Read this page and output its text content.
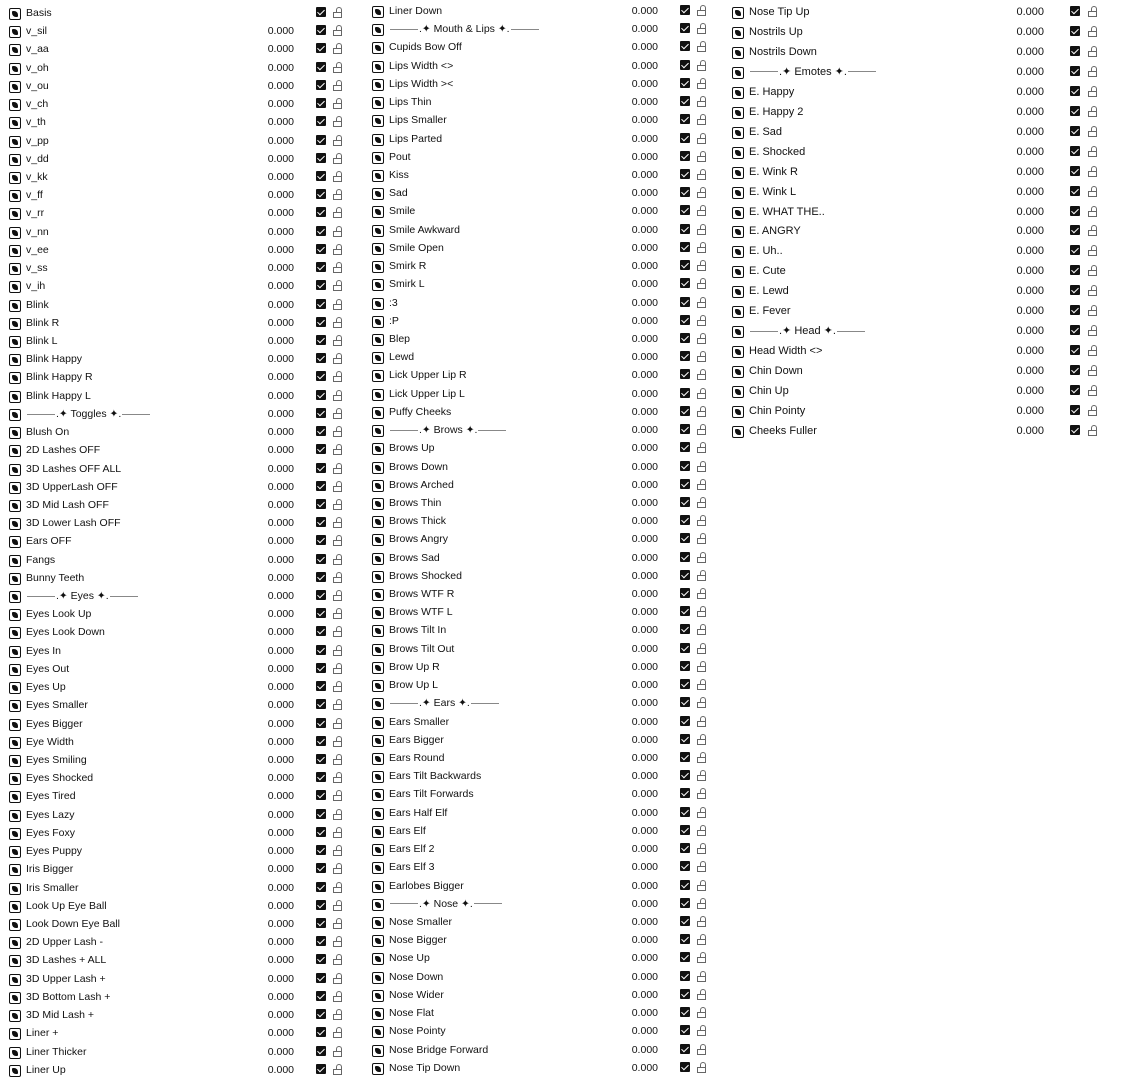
Basis
v_sil	0.000
v_aa	0.000
v_oh	0.000
v_ou	0.000
v_ch	0.000
v_th	0.000
v_pp	0.000
v_dd	0.000
v_kk	0.000
v_ff	0.000
v_rr	0.000
v_nn	0.000
v_ee	0.000
v_ss	0.000
v_ih	0.000
Blink	0.000
Blink R	0.000
Blink L	0.000
Blink Happy	0.000
Blink Happy R	0.000
Blink Happy L	0.000
.✦ Toggles ✦.	0.000
Blush On	0.000
2D Lashes OFF	0.000
3D Lashes OFF ALL	0.000
3D UpperLash OFF	0.000
3D Mid Lash OFF	0.000
3D Lower Lash OFF	0.000
Ears OFF	0.000
Fangs	0.000
Bunny Teeth	0.000
.✦ Eyes ✦.	0.000
Eyes Look Up	0.000
Eyes Look Down	0.000
Eyes In	0.000
Eyes Out	0.000
Eyes Up	0.000
Eyes Smaller	0.000
Eyes Bigger	0.000
Eye Width	0.000
Eyes Smiling	0.000
Eyes Shocked	0.000
Eyes Tired	0.000
Eyes Lazy	0.000
Eyes Foxy	0.000
Eyes Puppy	0.000
Iris Bigger	0.000
Iris Smaller	0.000
Look Up Eye Ball	0.000
Look Down Eye Ball	0.000
2D Upper Lash -	0.000
3D Lashes + ALL	0.000
3D Upper Lash +	0.000
3D Bottom Lash +	0.000
3D Mid Lash +	0.000
Liner +	0.000
Liner Thicker	0.000
Liner Up	0.000
Liner Down	0.000
.✦ Mouth & Lips ✦.	0.000
Cupids Bow Off	0.000
Lips Width <>	0.000
Lips Width ><	0.000
Lips Thin	0.000
Lips Smaller	0.000
Lips Parted	0.000
Pout	0.000
Kiss	0.000
Sad	0.000
Smile	0.000
Smile Awkward	0.000
Smile Open	0.000
Smirk R	0.000
Smirk L	0.000
:3	0.000
:P	0.000
Blep	0.000
Lewd	0.000
Lick Upper Lip R	0.000
Lick Upper Lip L	0.000
Puffy Cheeks	0.000
.✦ Brows ✦.	0.000
Brows Up	0.000
Brows Down	0.000
Brows Arched	0.000
Brows Thin	0.000
Brows Thick	0.000
Brows Angry	0.000
Brows Sad	0.000
Brows Shocked	0.000
Brows WTF R	0.000
Brows WTF L	0.000
Brows Tilt In	0.000
Brows Tilt Out	0.000
Brow Up R	0.000
Brow Up L	0.000
.✦ Ears ✦.	0.000
Ears Smaller	0.000
Ears Bigger	0.000
Ears Round	0.000
Ears Tilt Backwards	0.000
Ears Tilt Forwards	0.000
Ears Half Elf	0.000
Ears Elf	0.000
Ears Elf 2	0.000
Ears Elf 3	0.000
Earlobes Bigger	0.000
.✦ Nose ✦.	0.000
Nose Smaller	0.000
Nose Bigger	0.000
Nose Up	0.000
Nose Down	0.000
Nose Wider	0.000
Nose Flat	0.000
Nose Pointy	0.000
Nose Bridge Forward	0.000
Nose Tip Down	0.000
Nose Tip Up	0.000
Nostrils Up	0.000
Nostrils Down	0.000
.✦ Emotes ✦.	0.000
E. Happy	0.000
E. Happy 2	0.000
E. Sad	0.000
E. Shocked	0.000
E. Wink R	0.000
E. Wink L	0.000
E. WHAT THE..	0.000
E. ANGRY	0.000
E. Uh..	0.000
E. Cute	0.000
E. Lewd	0.000
E. Fever	0.000
.✦ Head ✦.	0.000
Head Width <>	0.000
Chin Down	0.000
Chin Up	0.000
Chin Pointy	0.000
Cheeks Fuller	0.000
